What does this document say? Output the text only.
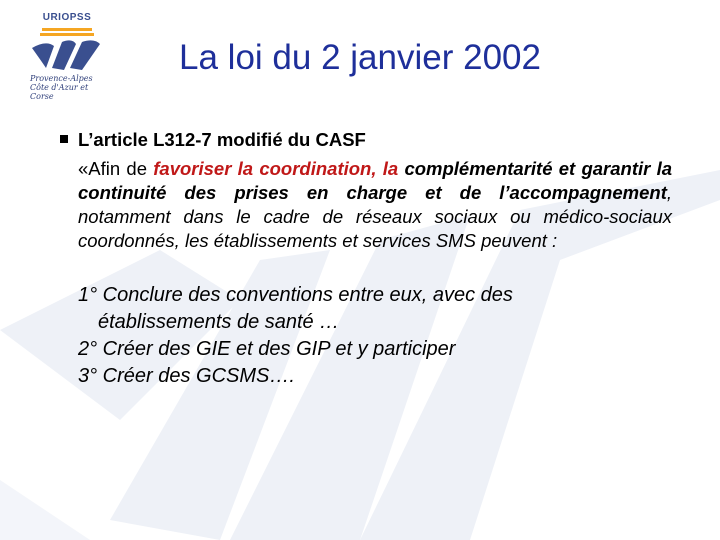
URIOPSS
Provence-Alpes Côte d'Azur et Corse
La loi du 2 janvier 2002
L’article L312-7 modifié du CASF
«Afin de favoriser la coordination, la complémentarité et garantir la continuité des prises en charge et de l’accompagnement, notamment dans le cadre de réseaux sociaux ou médico-sociaux coordonnés, les établissements et services SMS peuvent :
1° Conclure des conventions entre eux, avec des
établissements de santé …
2° Créer des GIE et des GIP et y participer
3° Créer des GCSMS….
